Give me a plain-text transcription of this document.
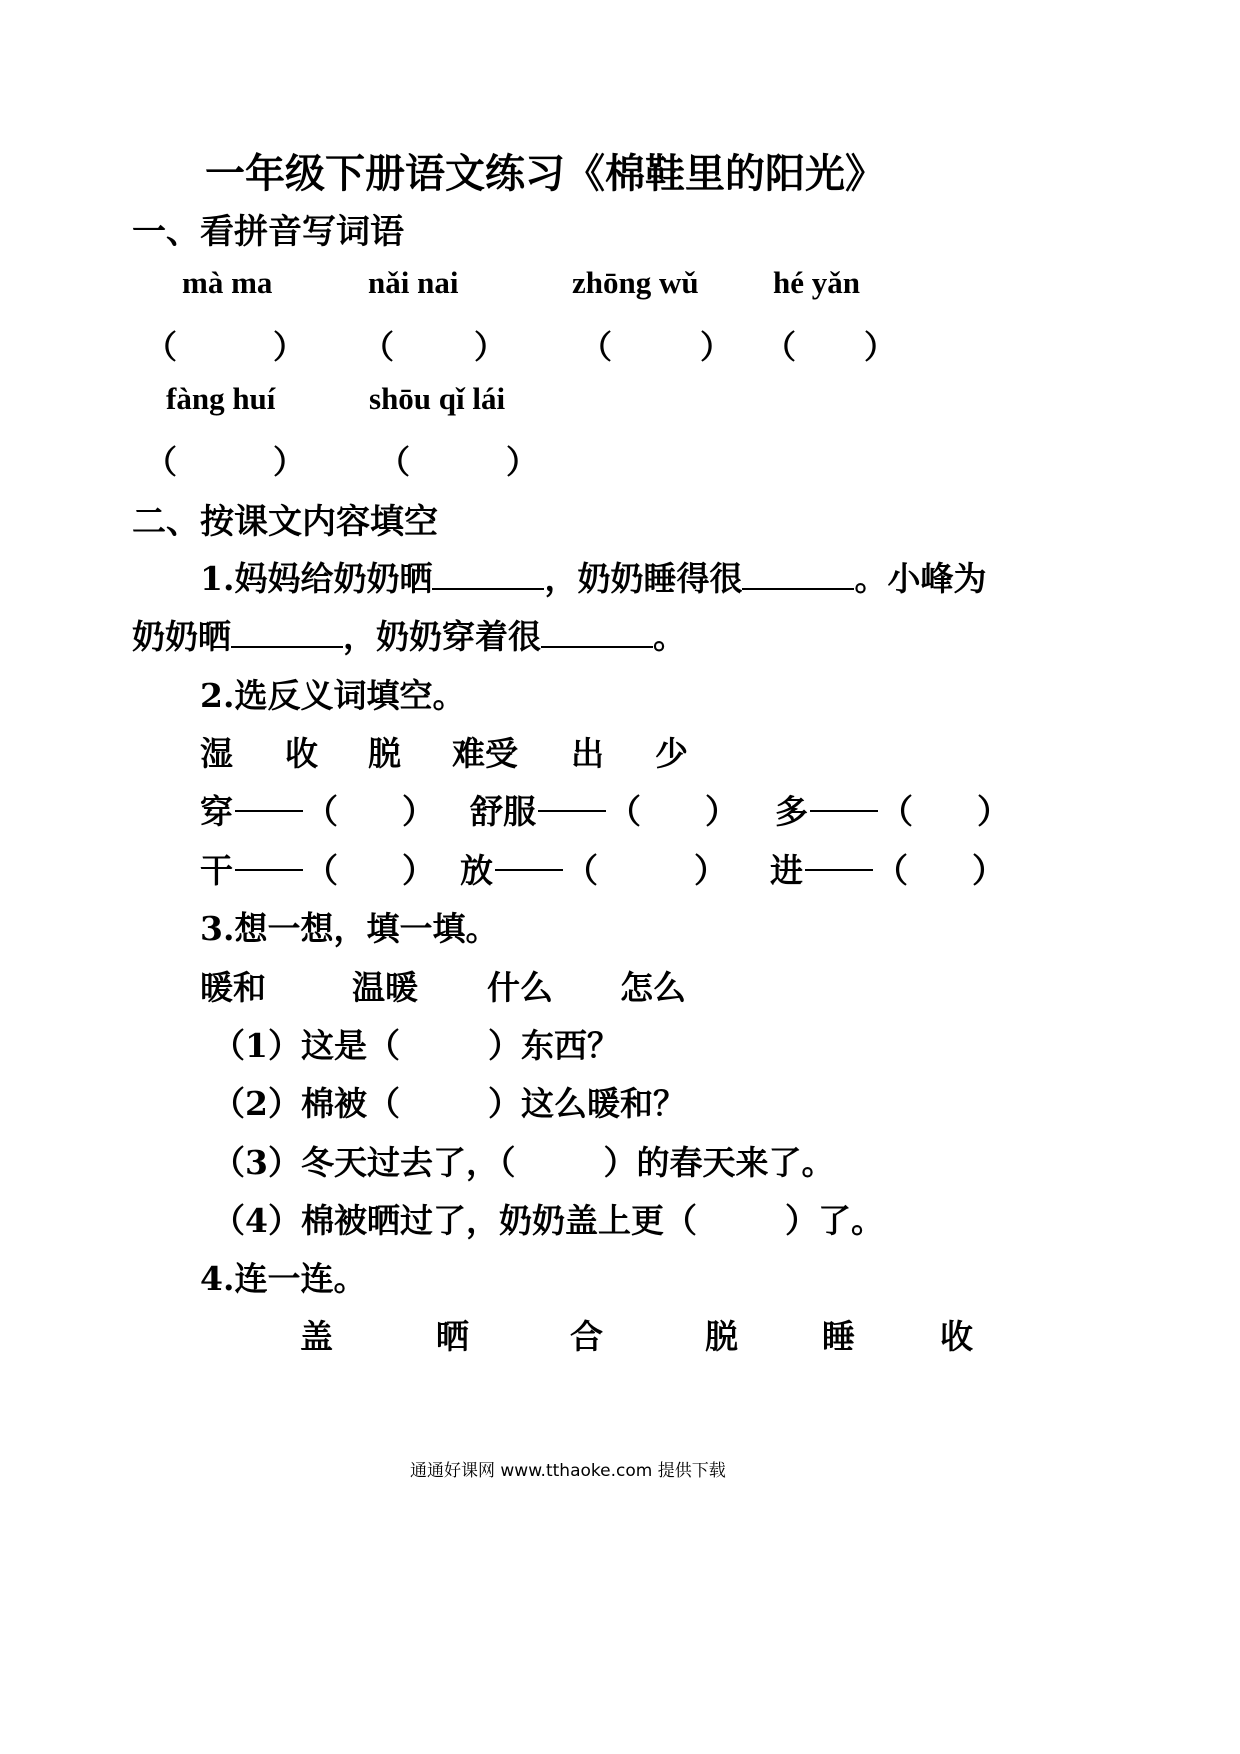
一年级下册语文练习《棉鞋里的阳光》
一、看拼音写词语
mà ma	nǎi nai	zhōng wǔ hé yǎn
（	） （	） （	） （ ）
fàng huí	shōu qǐ lái
（	） （	）
二、按课文内容填空
1.妈妈给奶奶晒	，奶奶睡得很	。小峰为
奶奶晒	，奶奶穿着很	。
2.选反义词填空。
湿 收 脱 难受 出 少
穿 （ ） 舒服 （ ） 多 （ ）
干 （ ） 放 （	） 进 （ ）
3.想一想，填一填。
暖和	温暖 什么 怎么
（1）这是（	）东西？
（2）棉被（	）这么暖和？
（3）冬天过去了，（	）的春天来了。
（4）棉被晒过了，奶奶盖上更（	）了。
4.连一连。
盖	晒	合	脱	睡	收
通通好课网 www.tthaoke.com 提供下载
